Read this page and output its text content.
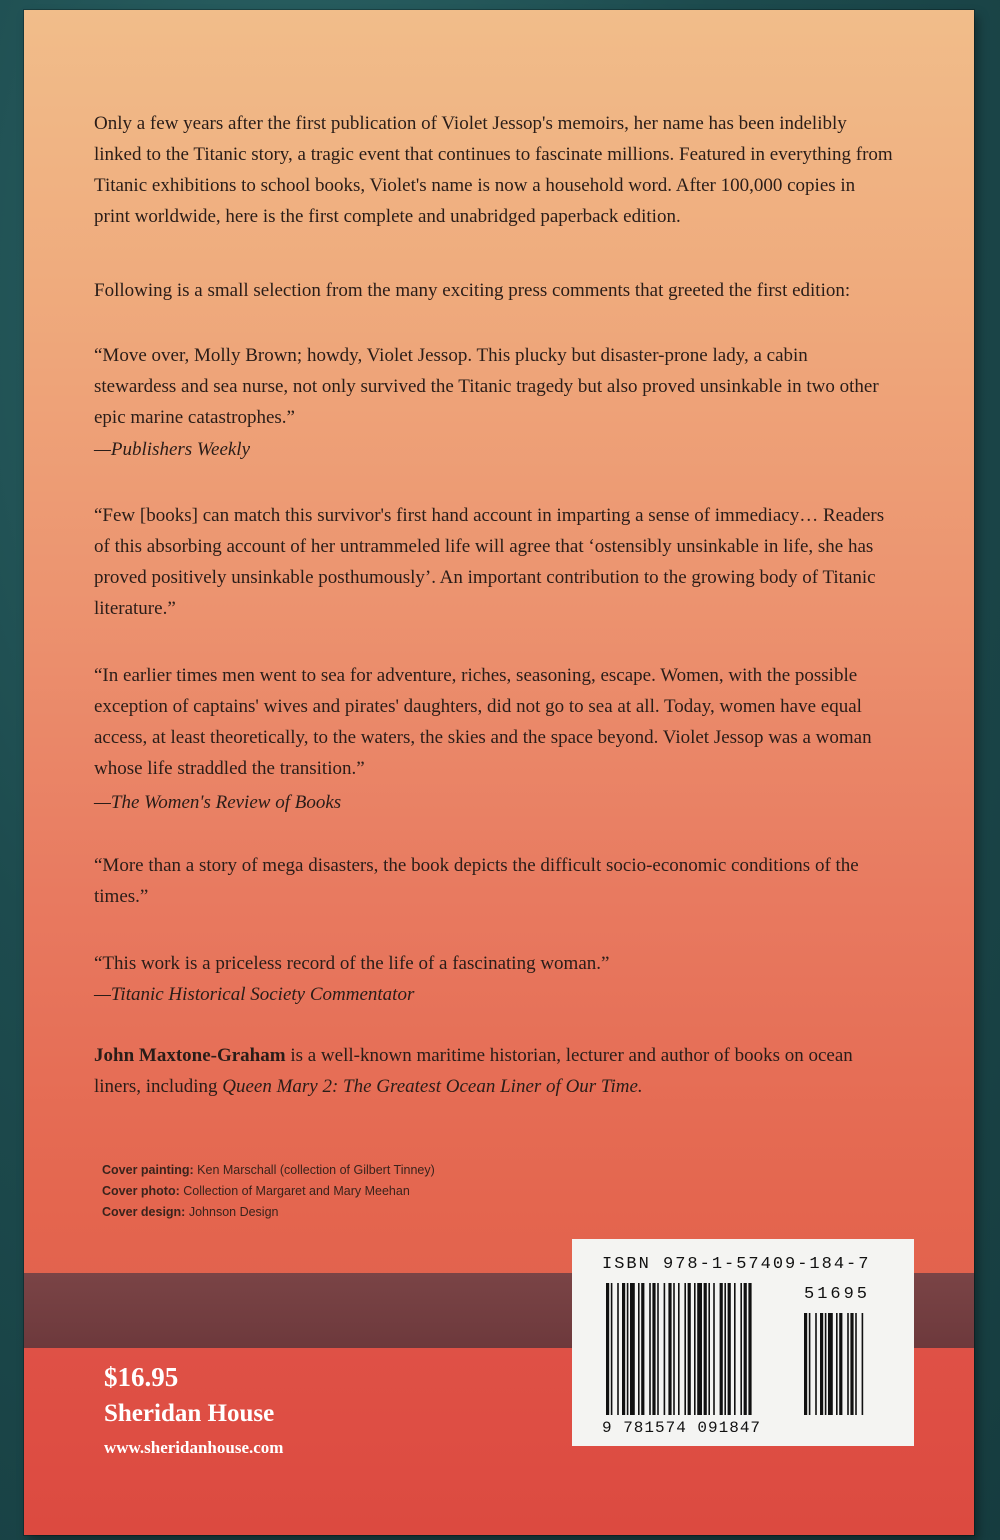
Only a few years after the first publication of Violet Jessop's memoirs, her name has been indelibly linked to the Titanic story, a tragic event that continues to fascinate millions. Featured in everything from Titanic exhibitions to school books, Violet's name is now a household word. After 100,000 copies in print worldwide, here is the first complete and unabridged paperback edition.

Following is a small selection from the many exciting press comments that greeted the first edition:

“Move over, Molly Brown; howdy, Violet Jessop. This plucky but disaster-prone lady, a cabin stewardess and sea nurse, not only survived the Titanic tragedy but also proved unsinkable in two other epic marine catastrophes.”

—Publishers Weekly

“Few [books] can match this survivor's first hand account in imparting a sense of immediacy… Readers of this absorbing account of her untrammeled life will agree that ‘ostensibly unsinkable in life, she has proved positively unsinkable posthumously’. An important contribution to the growing body of Titanic literature.”

“In earlier times men went to sea for adventure, riches, seasoning, escape. Women, with the possible exception of captains' wives and pirates' daughters, did not go to sea at all. Today, women have equal access, at least theoretically, to the waters, the skies and the space beyond. Violet Jessop was a woman whose life straddled the transition.”

—The Women's Review of Books

“More than a story of mega disasters, the book depicts the difficult socio-economic conditions of the times.”

“This work is a priceless record of the life of a fascinating woman.”

—Titanic Historical Society Commentator

John Maxtone-Graham is a well-known maritime historian, lecturer and author of books on ocean liners, including Queen Mary 2: The Greatest Ocean Liner of Our Time.

Cover painting: Ken Marschall (collection of Gilbert Tinney)
Cover photo: Collection of Margaret and Mary Meehan
Cover design: Johnson Design

$16.95

Sheridan House

www.sheridanhouse.com

ISBN 978-1-57409-184-7
51695
9 781574 091847
